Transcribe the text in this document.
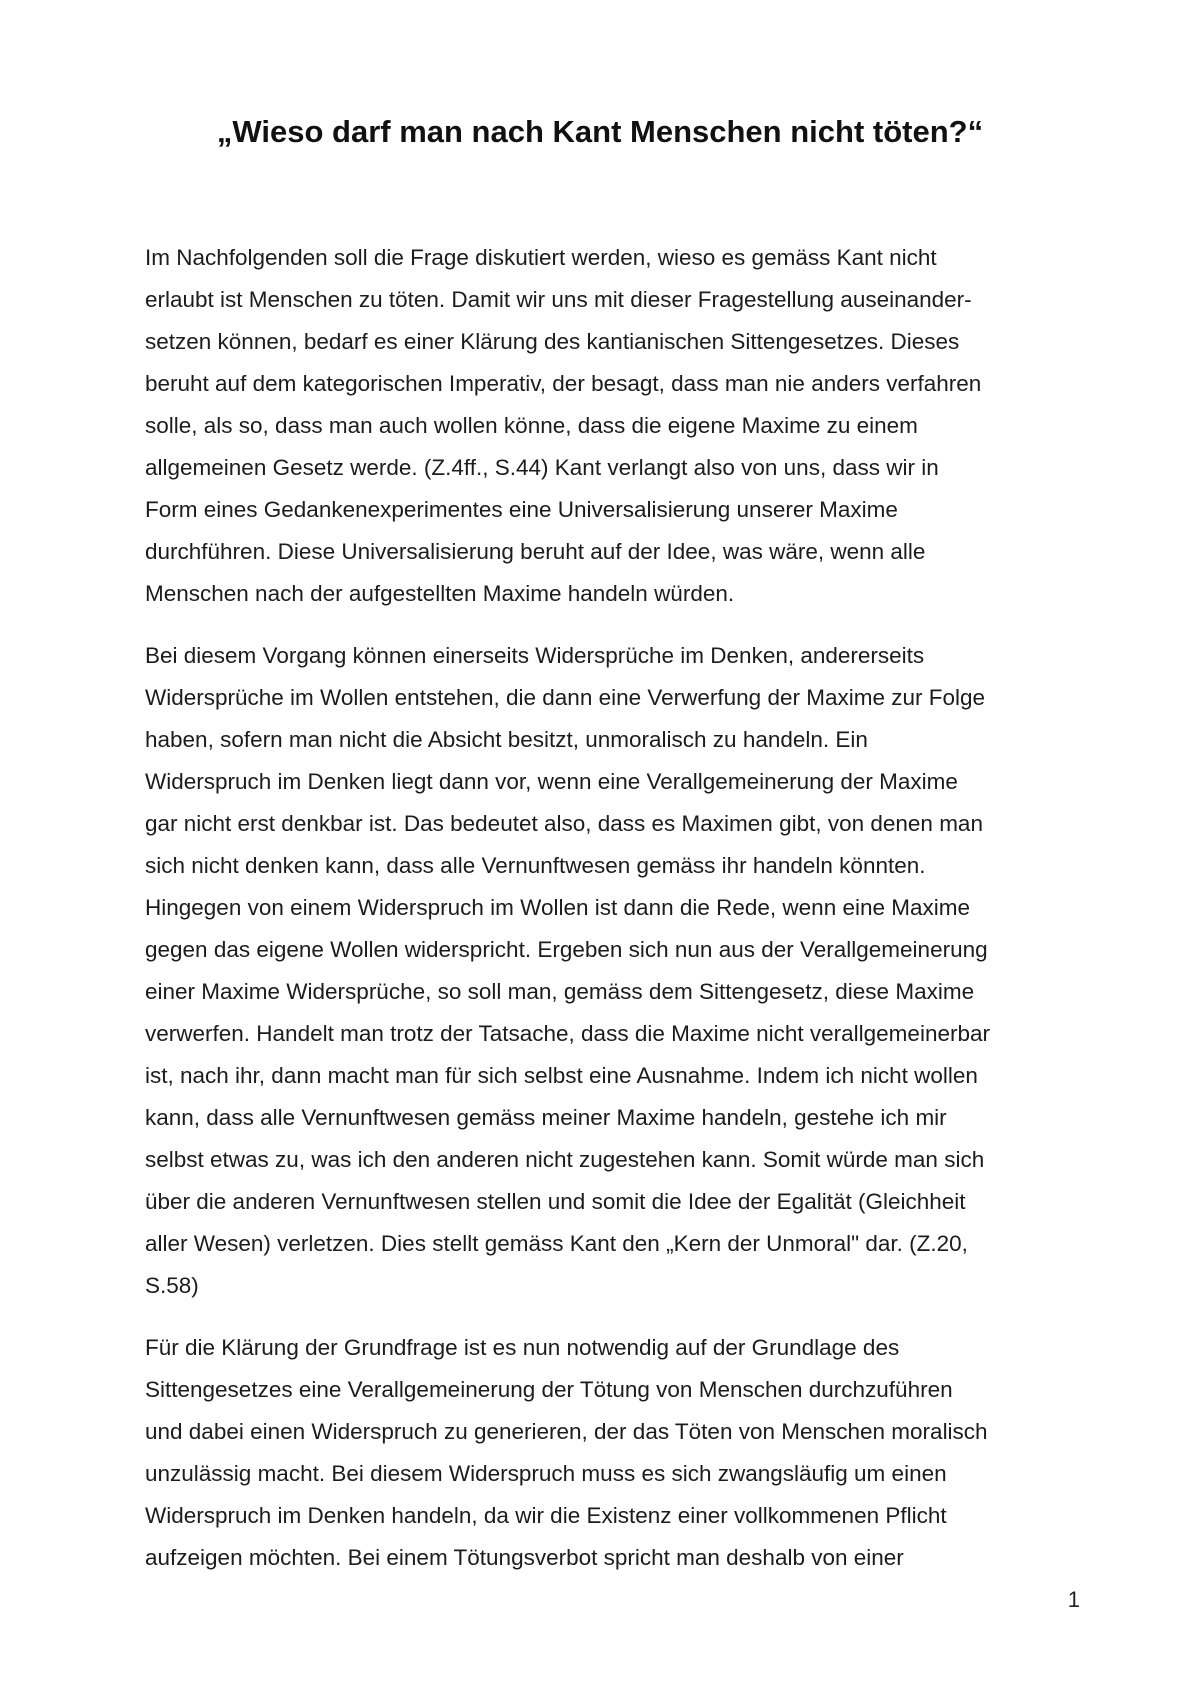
„Wieso darf man nach Kant Menschen nicht töten?“
Im Nachfolgenden soll die Frage diskutiert werden, wieso es gemäss Kant nicht
erlaubt ist Menschen zu töten. Damit wir uns mit dieser Fragestellung auseinander-
setzen können, bedarf es einer Klärung des kantianischen Sittengesetzes. Dieses
beruht auf dem kategorischen Imperativ, der besagt, dass man nie anders verfahren
solle, als so, dass man auch wollen könne, dass die eigene Maxime zu einem
allgemeinen Gesetz werde. (Z.4ff., S.44) Kant verlangt also von uns, dass wir in
Form eines Gedankenexperimentes eine Universalisierung unserer Maxime
durchführen. Diese Universalisierung beruht auf der Idee, was wäre, wenn alle
Menschen nach der aufgestellten Maxime handeln würden.
Bei diesem Vorgang können einerseits Widersprüche im Denken, andererseits
Widersprüche im Wollen entstehen, die dann eine Verwerfung der Maxime zur Folge
haben, sofern man nicht die Absicht besitzt, unmoralisch zu handeln. Ein
Widerspruch im Denken liegt dann vor, wenn eine Verallgemeinerung der Maxime
gar nicht erst denkbar ist. Das bedeutet also, dass es Maximen gibt, von denen man
sich nicht denken kann, dass alle Vernunftwesen gemäss ihr handeln könnten.
Hingegen von einem Widerspruch im Wollen ist dann die Rede, wenn eine Maxime
gegen das eigene Wollen widerspricht. Ergeben sich nun aus der Verallgemeinerung
einer Maxime Widersprüche, so soll man, gemäss dem Sittengesetz, diese Maxime
verwerfen. Handelt man trotz der Tatsache, dass die Maxime nicht verallgemeinerbar
ist, nach ihr, dann macht man für sich selbst eine Ausnahme. Indem ich nicht wollen
kann, dass alle Vernunftwesen gemäss meiner Maxime handeln, gestehe ich mir
selbst etwas zu, was ich den anderen nicht zugestehen kann. Somit würde man sich
über die anderen Vernunftwesen stellen und somit die Idee der Egalität (Gleichheit
aller Wesen) verletzen. Dies stellt gemäss Kant den „Kern der Unmoral" dar. (Z.20,
S.58)
Für die Klärung der Grundfrage ist es nun notwendig auf der Grundlage des
Sittengesetzes eine Verallgemeinerung der Tötung von Menschen durchzuführen
und dabei einen Widerspruch zu generieren, der das Töten von Menschen moralisch
unzulässig macht. Bei diesem Widerspruch muss es sich zwangsläufig um einen
Widerspruch im Denken handeln, da wir die Existenz einer vollkommenen Pflicht
aufzeigen möchten. Bei einem Tötungsverbot spricht man deshalb von einer
1
